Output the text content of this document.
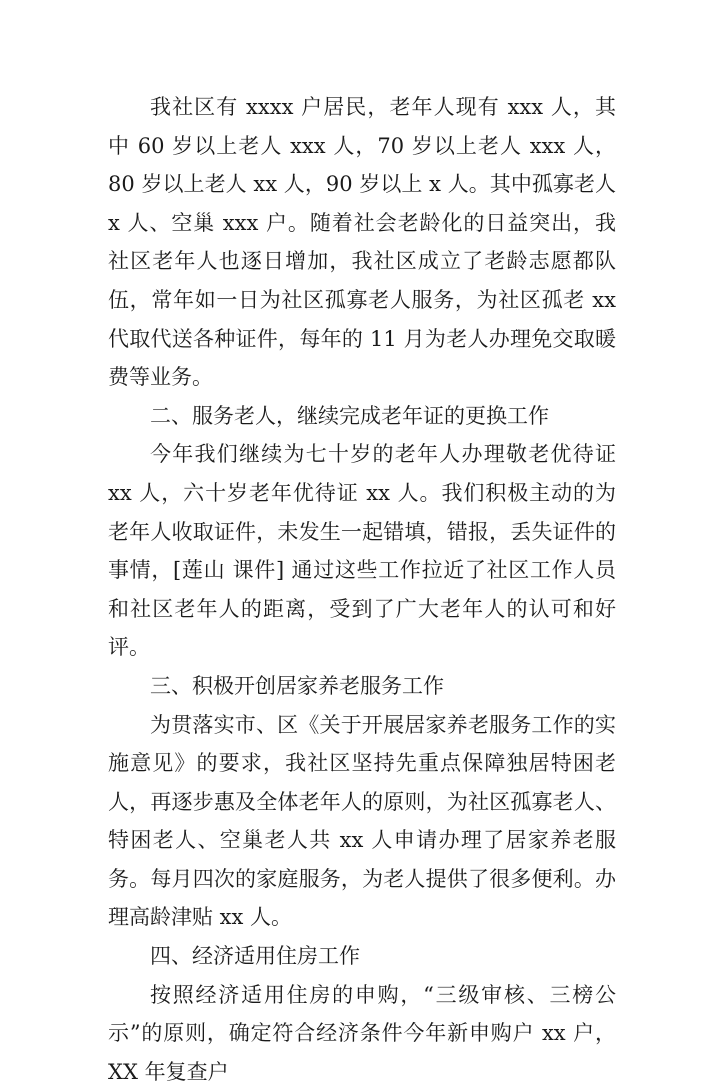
我社区有 xxxx 户居民，老年人现有 xxx 人，其中 60 岁以上老人 xxx 人，70 岁以上老人 xxx 人，80 岁以上老人 xx 人，90 岁以上 x 人。其中孤寡老人 x 人、空巢 xxx 户。随着社会老龄化的日益突出，我社区老年人也逐日增加，我社区成立了老龄志愿都队伍，常年如一日为社区孤寡老人服务，为社区孤老 xx 代取代送各种证件，每年的 11 月为老人办理免交取暖费等业务。

二、服务老人，继续完成老年证的更换工作

今年我们继续为七十岁的老年人办理敬老优待证 xx 人，六十岁老年优待证 xx 人。我们积极主动的为老年人收取证件，未发生一起错填，错报，丢失证件的事情，[莲山 课件] 通过这些工作拉近了社区工作人员和社区老年人的距离，受到了广大老年人的认可和好评。

三、积极开创居家养老服务工作

为贯落实市、区《关于开展居家养老服务工作的实施意见》的要求，我社区坚持先重点保障独居特困老人，再逐步惠及全体老年人的原则，为社区孤寡老人、特困老人、空巢老人共 xx 人申请办理了居家养老服务。每月四次的家庭服务，为老人提供了很多便利。办理高龄津贴 xx 人。

四、经济适用住房工作

按照经济适用住房的申购，“三级审核、三榜公示”的原则，确定符合经济条件今年新申购户 xx 户，XX 年复查户
